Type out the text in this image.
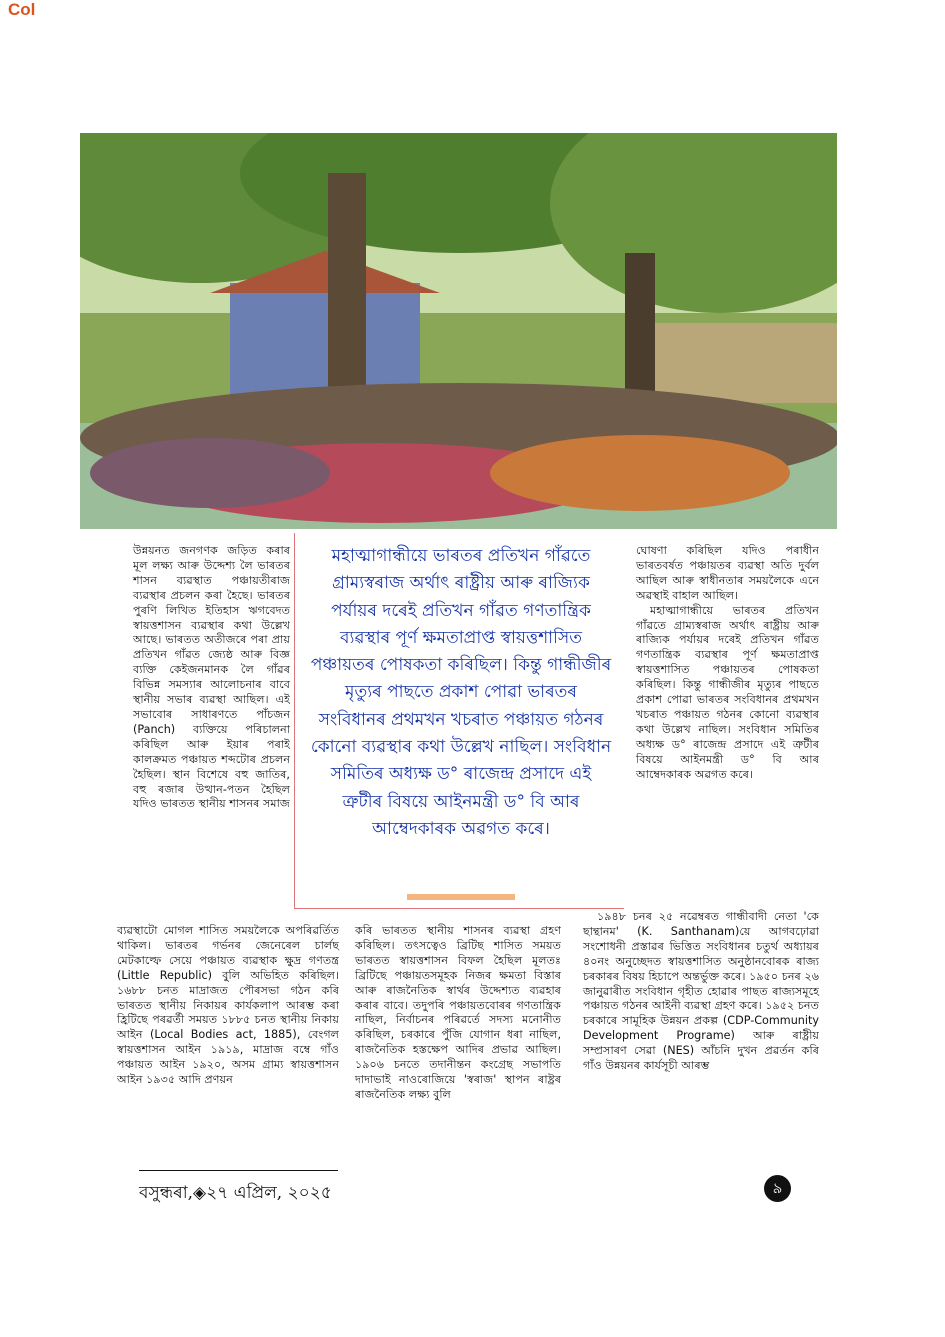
Col

উন্নয়নত জনগণক জড়িত কৰাৰ মূল লক্ষ্য আৰু উদ্দেশ্য লৈ ভাৰতৰ শাসন ব্যৱস্থাত পঞ্চায়তীৰাজ ব্যৱস্থাৰ প্ৰচলন কৰা হৈছে। ভাৰতৰ পুৰণি লিখিত ইতিহাস ঋগবেদত স্বায়ত্তশাসন ব্যৱস্থাৰ কথা উল্লেখ আছে। ভাৰতত অতীজৰে পৰা প্ৰায় প্ৰতিখন গাঁৱত জ্যেষ্ঠ আৰু বিজ্ঞ ব্যক্তি কেইজনমানক লৈ গাঁৱৰ বিভিন্ন সমস্যাৰ আলোচনাৰ বাবে স্থানীয় সভাৰ ব্যৱস্থা আছিল। এই সভাবোৰ সাধাৰণতে পাঁচজন (Panch) ব্যক্তিয়ে পৰিচালনা কৰিছিল আৰু ইয়াৰ পৰাই কালক্ৰমত পঞ্চায়ত শব্দটোৰ প্ৰচলন হৈছিল। স্থান বিশেষে বহু জাতিৰ, বহু ৰজাৰ উত্থান-পতন হৈছিল যদিও ভাৰতত স্থানীয় শাসনৰ সমাজ

মহাত্মাগান্ধীয়ে ভাৰতৰ প্ৰতিখন গাঁৱতে গ্ৰাম্যস্বৰাজ অৰ্থাৎ ৰাষ্ট্ৰীয় আৰু ৰাজ্যিক পৰ্যায়ৰ দৰেই প্ৰতিখন গাঁৱত গণতান্ত্ৰিক ব্যৱস্থাৰ পূৰ্ণ ক্ষমতাপ্ৰাপ্ত স্বায়ত্তশাসিত পঞ্চায়তৰ পোষকতা কৰিছিল। কিন্তু গান্ধীজীৰ মৃত্যুৰ পাছতে প্ৰকাশ পোৱা ভাৰতৰ সংবিধানৰ প্ৰথমখন খচৰাত পঞ্চায়ত গঠনৰ কোনো ব্যৱস্থাৰ কথা উল্লেখ নাছিল। সংবিধান সমিতিৰ অধ্যক্ষ ড° ৰাজেন্দ্ৰ প্ৰসাদে এই ত্ৰুটীৰ বিষয়ে আইনমন্ত্ৰী ড° বি আৰ আম্বেদকাৰক অৱগত কৰে।

ঘোষণা কৰিছিল যদিও পৰাধীন ভাৰতবৰ্ষত পঞ্চায়তৰ ব্যৱস্থা অতি দুৰ্বল আছিল আৰু স্বাধীনতাৰ সময়লৈকে এনে অৱস্থাই বাহাল আছিল।

মহাত্মাগান্ধীয়ে ভাৰতৰ প্ৰতিখন গাঁৱতে গ্ৰাম্যস্বৰাজ অৰ্থাৎ ৰাষ্ট্ৰীয় আৰু ৰাজ্যিক পৰ্যায়ৰ দৰেই প্ৰতিখন গাঁৱত গণতান্ত্ৰিক ব্যৱস্থাৰ পূৰ্ণ ক্ষমতাপ্ৰাপ্ত স্বায়ত্তশাসিত পঞ্চায়তৰ পোষকতা কৰিছিল। কিন্তু গান্ধীজীৰ মৃত্যুৰ পাছতে প্ৰকাশ পোৱা ভাৰতৰ সংবিধানৰ প্ৰথমখন খচৰাত পঞ্চায়ত গঠনৰ কোনো ব্যৱস্থাৰ কথা উল্লেখ নাছিল। সংবিধান সমিতিৰ অধ্যক্ষ ড° ৰাজেন্দ্ৰ প্ৰসাদে এই ত্ৰুটীৰ বিষয়ে আইনমন্ত্ৰী ড° বি আৰ আম্বেদকাৰক অৱগত কৰে।

ব্যৱস্থাটো মোগল শাসিত সময়লৈকে অপৰিৱৰ্তিত থাকিল। ভাৰতৰ গৰ্ভনৰ জেনেৰেল চাৰ্লছ মেটকাল্ফে সেয়ে পঞ্চায়ত ব্যৱস্থাক ক্ষুদ্ৰ গণতন্ত্ৰ (Little Republic) বুলি অভিহিত কৰিছিল। ১৬৮৮ চনত মাদ্ৰাজত পৌৰসভা গঠন কৰি ভাৰতত স্থানীয় নিকায়ৰ কাৰ্যকলাপ আৰম্ভ কৰা হ্ৰিটিছে পৰৱৰ্তী সময়ত ১৮৮৫ চনত স্থানীয় নিকায় আইন (Local Bodies act, 1885), বেংগল স্বায়ত্তশাসন আইন ১৯১৯, মাদ্ৰাজ বম্বে গাঁও পঞ্চায়ত আইন ১৯২০, অসম গ্ৰাম্য স্বায়ত্তশাসন আইন ১৯৩৫ আদি প্ৰণয়ন

কৰি ভাৰতত স্থানীয় শাসনৰ ব্যৱস্থা গ্ৰহণ কৰিছিল। তৎসত্বেও ব্ৰিটিছ শাসিত সময়ত ভাৰতত স্বায়ত্তশাসন বিফল হৈছিল মূলতঃ ব্ৰিটিছে পঞ্চায়তসমূহক নিজৰ ক্ষমতা বিস্তাৰ আৰু ৰাজনৈতিক স্বাৰ্থৰ উদ্দেশ্যত ব্যৱহাৰ কৰাৰ বাবে। তদুপৰি পঞ্চায়তবোৰৰ গণতান্ত্ৰিক নাছিল, নিৰ্বাচনৰ পৰিৱৰ্তে সদস্য মনোনীত কৰিছিল, চৰকাৰে পুঁজি যোগান ধৰা নাছিল, ৰাজনৈতিক হস্তক্ষেপ আদিৰ প্ৰভাৱ আছিল। ১৯০৬ চনতে তদানীন্তন কংগ্ৰেছ সভাপতি দাদাভাই নাওৰোজিয়ে 'স্বৰাজ' স্থাপন ৰাষ্ট্ৰৰ ৰাজনৈতিক লক্ষ্য বুলি

১৯৪৮ চনৰ ২৫ নৱেম্বৰত গান্ধীবাদী নেতা 'কে ছান্থানম' (K. Santhanam)য়ে আগবঢ়োৱা সংশোধনী প্ৰস্তাৱৰ ভিত্তিত সংবিধানৰ চতুৰ্থ অধ্যায়ৰ ৪০নং অনুচ্ছেদত স্বায়ত্তশাসিত অনুষ্ঠানবোৰক ৰাজ্য চৰকাৰৰ বিষয় হিচাপে অন্তৰ্ভুক্ত কৰে। ১৯৫০ চনৰ ২৬ জানুৱাৰীত সংবিধান গৃহীত হোৱাৰ পাছত ৰাজ্যসমূহে পঞ্চায়ত গঠনৰ আইনী ব্যৱস্থা গ্ৰহণ কৰে। ১৯৫২ চনত চৰকাৰে সামূহিক উন্নয়ন প্ৰকল্প (CDP-Community Development Programe) আৰু ৰাষ্ট্ৰীয় সম্প্ৰসাৰণ সেৱা (NES) আঁচনি দুখন প্ৰৱৰ্তন কৰি গাঁও উন্নয়নৰ কাৰ্যসূচী আৰম্ভ

বসুন্ধৰা,◈২৭ এপ্ৰিল, ২০২৫	৯
